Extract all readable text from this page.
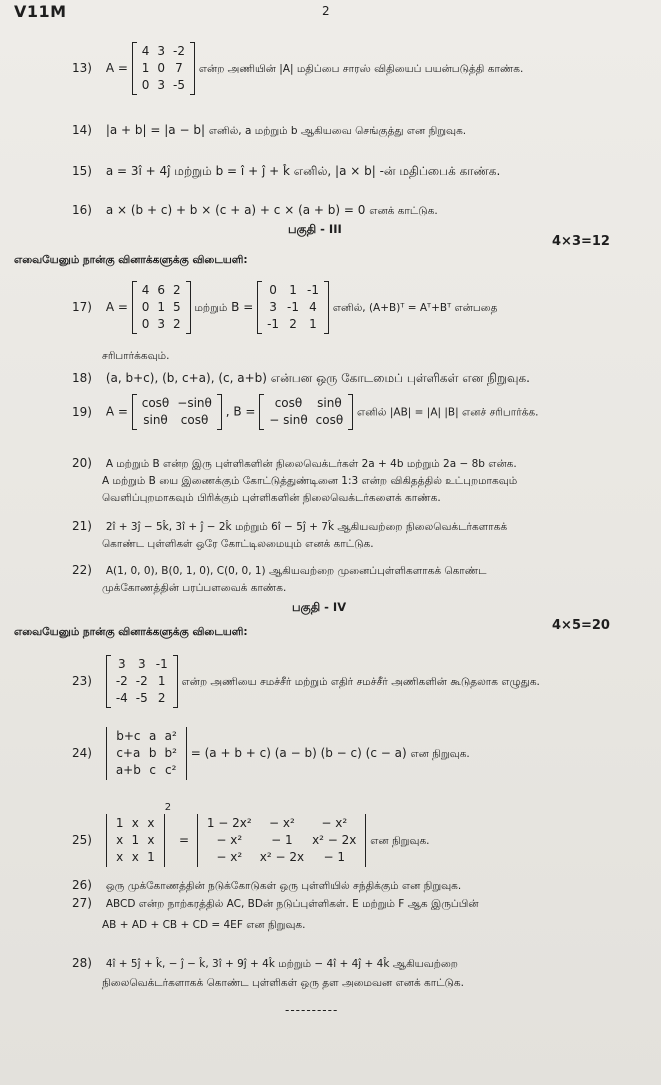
V11M	2
13) A =
4	3	-2
1	0	7
0	3	-5
என்ற அணியின் |A| மதிப்பை சாரஸ் விதியைப் பயன்படுத்தி காண்க.
14) |a + b| = |a − b| எனில், a மற்றும் b ஆகியவை செங்குத்து என நிறுவுக.
15) a = 3î + 4ĵ மற்றும் b = î + ĵ + k̂ எனில், |a × b| -ன் மதிப்பைக் காண்க.
16) a × (b + c) + b × (c + a) + c × (a + b) = 0 எனக் காட்டுக.
பகுதி - III
4×3=12
எவையேனும் நான்கு வினாக்களுக்கு விடையளி:
17) A =
4	6	2
0	1	5
0	3	2
மற்றும் B =
0	1	-1
3	-1	4
-1	2	1
எனில், (A+B)ᵀ = Aᵀ+Bᵀ என்பதை
சரிபார்க்கவும்.
18) (a, b+c), (b, c+a), (c, a+b) என்பன ஒரு கோடமைப் புள்ளிகள் என நிறுவுக.
19) A =
cosθ	−sinθ
sinθ	cosθ
, B =
cosθ	sinθ
− sinθ	cosθ
எனில் |AB| = |A| |B| எனச் சரிபார்க்க.
20) A மற்றும் B என்ற இரு புள்ளிகளின் நிலைவெக்டர்கள் 2a + 4b மற்றும் 2a − 8b என்க.
A மற்றும் B யை இணைக்கும் கோட்டுத்துண்டினை 1:3 என்ற விகிதத்தில் உட்புறமாகவும்
வெளிப்புறமாகவும் பிரிக்கும் புள்ளிகளின் நிலைவெக்டர்களைக் காண்க.
21) 2î + 3ĵ − 5k̂, 3î + ĵ − 2k̂ மற்றும் 6î − 5ĵ + 7k̂ ஆகியவற்றை நிலைவெக்டர்களாகக்
கொண்ட புள்ளிகள் ஒரே கோட்டிலமையும் எனக் காட்டுக.
22) A(1, 0, 0), B(0, 1, 0), C(0, 0, 1) ஆகியவற்றை முனைப்புள்ளிகளாகக் கொண்ட
முக்கோணத்தின் பரப்பளவைக் காண்க.
பகுதி - IV
4×5=20
எவையேனும் நான்கு வினாக்களுக்கு விடையளி:
23)
3	3	-1
-2	-2	1
-4	-5	2
என்ற அணியை சமச்சீர் மற்றும் எதிர் சமச்சீர் அணிகளின் கூடுதலாக எழுதுக.
24)
b+c	a	a²
c+a	b	b²
a+b	c	c²
= (a + b + c) (a − b) (b − c) (c − a) என நிறுவுக.
25)
1	x	x
x	1	x
x	x	1
$^2$ =
1 − 2x²	− x²	− x²
− x²	− 1	x² − 2x
− x²	x² − 2x	− 1
என நிறுவுக.
26) ஒரு முக்கோணத்தின் நடுக்கோடுகள் ஒரு புள்ளியில் சந்திக்கும் என நிறுவுக.
27) ABCD என்ற நாற்கரத்தில் AC, BDன் நடுப்புள்ளிகள். E மற்றும் F ஆக இருப்பின்
AB + AD + CB + CD = 4EF என நிறுவுக.
28) 4î + 5ĵ + k̂, − ĵ − k̂, 3î + 9ĵ + 4k̂ மற்றும் − 4î + 4ĵ + 4k̂ ஆகியவற்றை
நிலைவெக்டர்களாகக் கொண்ட புள்ளிகள் ஒரு தள அமைவன எனக் காட்டுக.
----------
